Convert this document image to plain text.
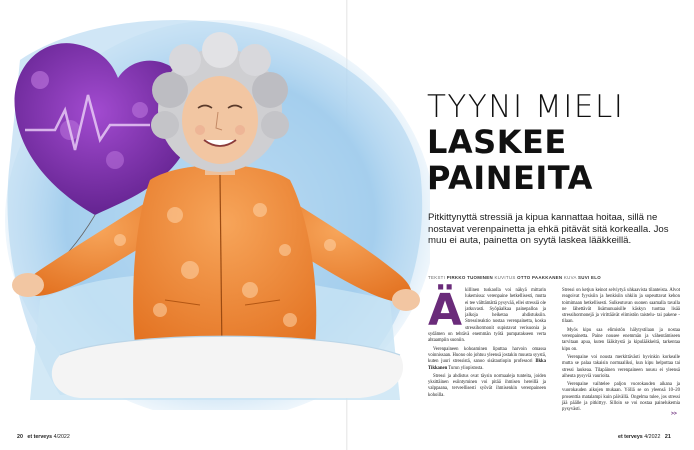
TYYNI MIELI
LASKEE
PAINEITA
Pitkittynyttä stressiä ja kipua kannattaa hoitaa, sillä ne nostavat verenpainetta ja ehkä pitävät sitä korkealla. Jos muu ei auta, painetta on syytä laskea lääkkeillä.
TEKSTI PIRKKO TUOMINEN KUVITUS OTTO PAAKKANEN KUVA SUVI ELO
Ä killinen tuskaolla voi näkyä mittarin lukemissa: verenpaine hetkellisesti, mutta ei tee välttämättä pysyvää, ellei stressiä ole jatkuvasti. Syöpäalkaa painepalloa ja jalkoja heiketaa ahdistuksiin. Stressireaktio nostaa verenpainetta, koska stressihormonit supistavat verisuonia ja sydämen on tehtävä enemmän työtä pumpatakseen verta ahtaampiin suoniin.

Verenpaineen kohoaminen liputtaa harvoin omassa voinnissaan. Huono olo johtuu yleensä jostakin muusta syystä, kuten juuri stressistä, sanoo sisätautiopin professori Ilkka Tikkanen Turun yliopistosta.

Stressi ja ahdistus ovat täysin normaaleja tunteita, joiden yksittäinen esiintyminen voi pitää ihmisen hereillä ja valppaana, terveellisesti syövät ihmisenkin verenpaineen kohoilla.

Stressi on ketjun keinot selviytyä uhkaavista tilanteista. Alvot reagoivat fyysisiin ja henkisiin uhkiin ja sopeuttavat kehon toimimaan hetkellisesti. Sulkeutuvan suonen saamalla tavalla ne lähettävät lisämunuaisille käskyn tuottaa lisää stressihormonejä ja virittäävät elimistön taistelu- tai pakene -tilaan.

Myös kipu saa elimistön hälytystilaan ja nostaa verenpainetta. Paine nousee enemmän ja vähentämiseen tarvitaan apua, kuten lääkitystä ja kipulääkkeitä, tarkentaa kipu on.

Verenpaine voi nousta merkittävästi hyvinkin korkealle mutta se palaa takaisin normaaliksi, kun kipu helpottaa tai stressi laukeaa. Tilapäinen verenpaineen nousu ei yleensä aiheuta pysyviä vaurioita.

Verenpaine vaihtelee paljon vuorokauden aikana ja vuorokauden aikojen mukaan. Yöllä se on yleensä 10–20 prosenttia matalampi kuin päivällä. Ongelma tulee, jos stressi jää päälle ja pitkittyy. Silloin se voi nostaa painelukemia pysyvästi.

>>
20 et terveys 4/2022	et terveys 4/2022 21
